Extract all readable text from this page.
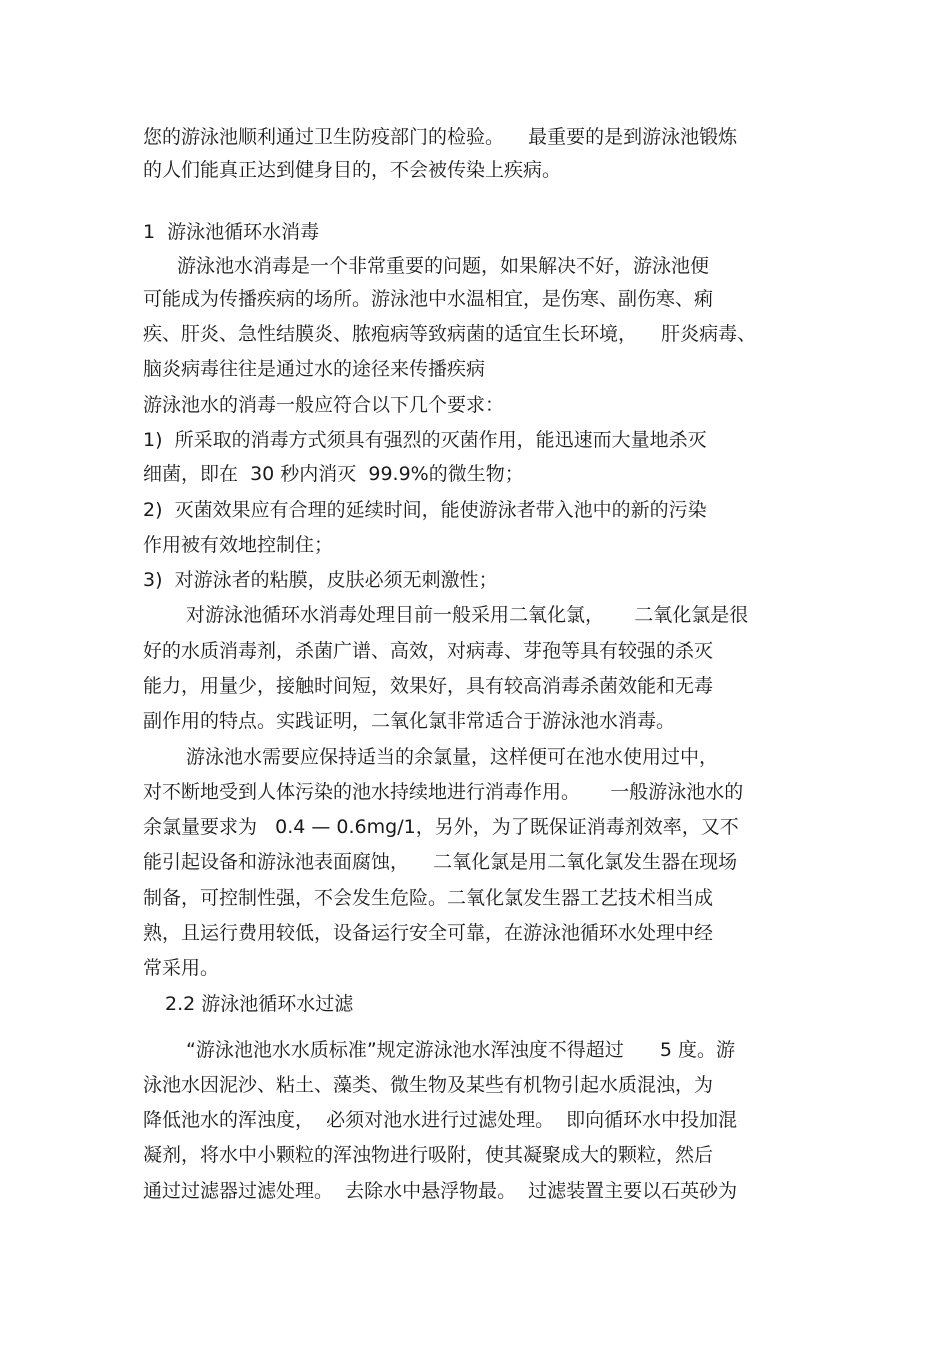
您的游泳池顺利通过卫生防疫部门的检验。    最重要的是到游泳池锻炼
的人们能真正达到健身目的，不会被传染上疾病。
1  游泳池循环水消毒
游泳池水消毒是一个非常重要的问题，如果解决不好，游泳池便
可能成为传播疾病的场所。游泳池中水温相宜，是伤寒、副伤寒、痢
疾、肝炎、急性结膜炎、脓疱病等致病菌的适宜生长环境，    肝炎病毒、
脑炎病毒往往是通过水的途径来传播疾病
游泳池水的消毒一般应符合以下几个要求：
1)  所采取的消毒方式须具有强烈的灭菌作用，能迅速而大量地杀灭
细菌，即在  30 秒内消灭  99.9%的微生物；
2)  灭菌效果应有合理的延续时间，能使游泳者带入池中的新的污染
作用被有效地控制住；
3)  对游泳者的粘膜，皮肤必须无刺激性；
对游泳池循环水消毒处理目前一般采用二氧化氯，     二氧化氯是很
好的水质消毒剂，杀菌广谱、高效，对病毒、芽孢等具有较强的杀灭
能力，用量少，接触时间短，效果好，具有较高消毒杀菌效能和无毒
副作用的特点。实践证明，二氧化氯非常适合于游泳池水消毒。
游泳池水需要应保持适当的余氯量，这样便可在池水使用过中，
对不断地受到人体污染的池水持续地进行消毒作用。     一般游泳池水的
余氯量要求为   0.4 — 0.6mg/1，另外，为了既保证消毒剂效率，又不
能引起设备和游泳池表面腐蚀，    二氧化氯是用二氧化氯发生器在现场
制备，可控制性强，不会发生危险。二氧化氯发生器工艺技术相当成
熟，且运行费用较低，设备运行安全可靠，在游泳池循环水处理中经
常采用。
2.2 游泳池循环水过滤
“游泳池池水水质标准”规定游泳池水浑浊度不得超过      5 度。游
泳池水因泥沙、粘土、藻类、微生物及某些有机物引起水质混浊，为
降低池水的浑浊度，  必须对池水进行过滤处理。  即向循环水中投加混
凝剂，将水中小颗粒的浑浊物进行吸附，使其凝聚成大的颗粒，然后
通过过滤器过滤处理。  去除水中悬浮物最。  过滤装置主要以石英砂为
